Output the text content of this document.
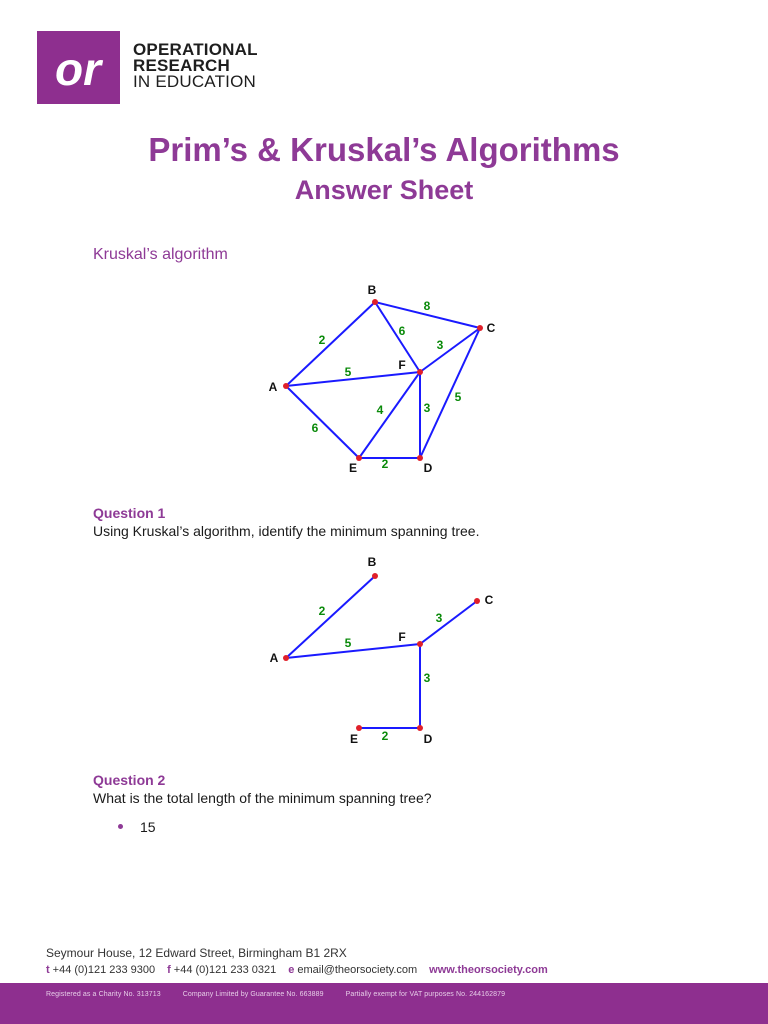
or OPERATIONAL
RESEARCH
IN EDUCATION
Prim’s & Kruskal’s Algorithms
Answer Sheet
Kruskal’s algorithm
2
8
6
5
3
5
4	3
6
2
A
B
C
D
E
F
Question 1
Using Kruskal’s algorithm, identify the minimum spanning tree.
2
5
3
3
2
A
B
C
D
E
F
Question 2
What is the total length of the minimum spanning tree?
15
Seymour House, 12 Edward Street, Birmingham B1 2RX
t +44 (0)121 233 9300 f +44 (0)121 233 0321 e email@theorsociety.com www.theorsociety.com
Registered as a Charity No. 313713	Company Limited by Guarantee No. 663889	Partially exempt for VAT purposes No. 244162879
